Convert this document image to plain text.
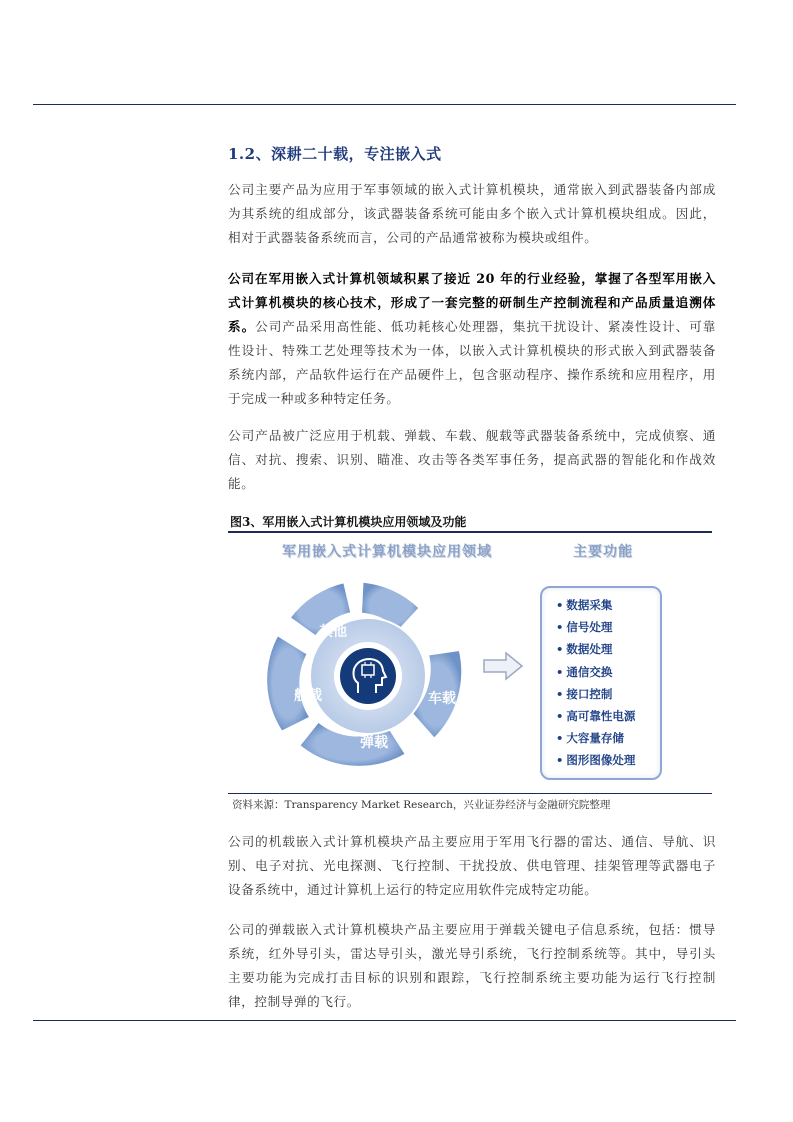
1.2、深耕二十载，专注嵌入式
公司主要产品为应用于军事领域的嵌入式计算机模块，通常嵌入到武器装备内部成为其系统的组成部分，该武器装备系统可能由多个嵌入式计算机模块组成。因此，相对于武器装备系统而言，公司的产品通常被称为模块或组件。
公司在军用嵌入式计算机领域积累了接近 20 年的行业经验，掌握了各型军用嵌入式计算机模块的核心技术，形成了一套完整的研制生产控制流程和产品质量追溯体系。公司产品采用高性能、低功耗核心处理器，集抗干扰设计、紧凑性设计、可靠性设计、特殊工艺处理等技术为一体，以嵌入式计算机模块的形式嵌入到武器装备系统内部，产品软件运行在产品硬件上，包含驱动程序、操作系统和应用程序，用于完成一种或多种特定任务。
公司产品被广泛应用于机载、弹载、车载、舰载等武器装备系统中，完成侦察、通信、对抗、搜索、识别、瞄准、攻击等各类军事任务，提高武器的智能化和作战效能。
图3、军用嵌入式计算机模块应用领域及功能
军用嵌入式计算机模块应用领域	主要功能
其他	机载
车载
弹载
舰载
• 数据采集
• 信号处理
• 数据处理
• 通信交换
• 接口控制
• 高可靠性电源
• 大容量存储
• 图形图像处理
资料来源：Transparency Market Research，兴业证券经济与金融研究院整理
公司的机载嵌入式计算机模块产品主要应用于军用飞行器的雷达、通信、导航、识别、电子对抗、光电探测、飞行控制、干扰投放、供电管理、挂架管理等武器电子设备系统中，通过计算机上运行的特定应用软件完成特定功能。
公司的弹载嵌入式计算机模块产品主要应用于弹载关键电子信息系统，包括：惯导系统，红外导引头，雷达导引头，激光导引系统，飞行控制系统等。其中，导引头主要功能为完成打击目标的识别和跟踪，飞行控制系统主要功能为运行飞行控制律，控制导弹的飞行。
